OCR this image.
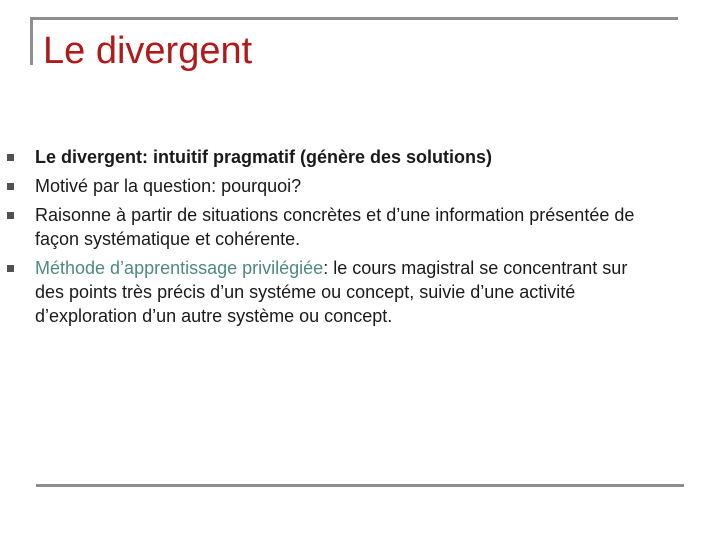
Le divergent
Le divergent: intuitif pragmatif (génère des solutions)
Motivé par la question: pourquoi?
Raisonne à partir de situations concrètes et d’une information présentée de façon systématique et cohérente.
Méthode d’apprentissage privilégiée: le cours magistral se concentrant sur des points très précis d’un systéme ou concept, suivie d’une activité d’exploration d’un autre système ou concept.
